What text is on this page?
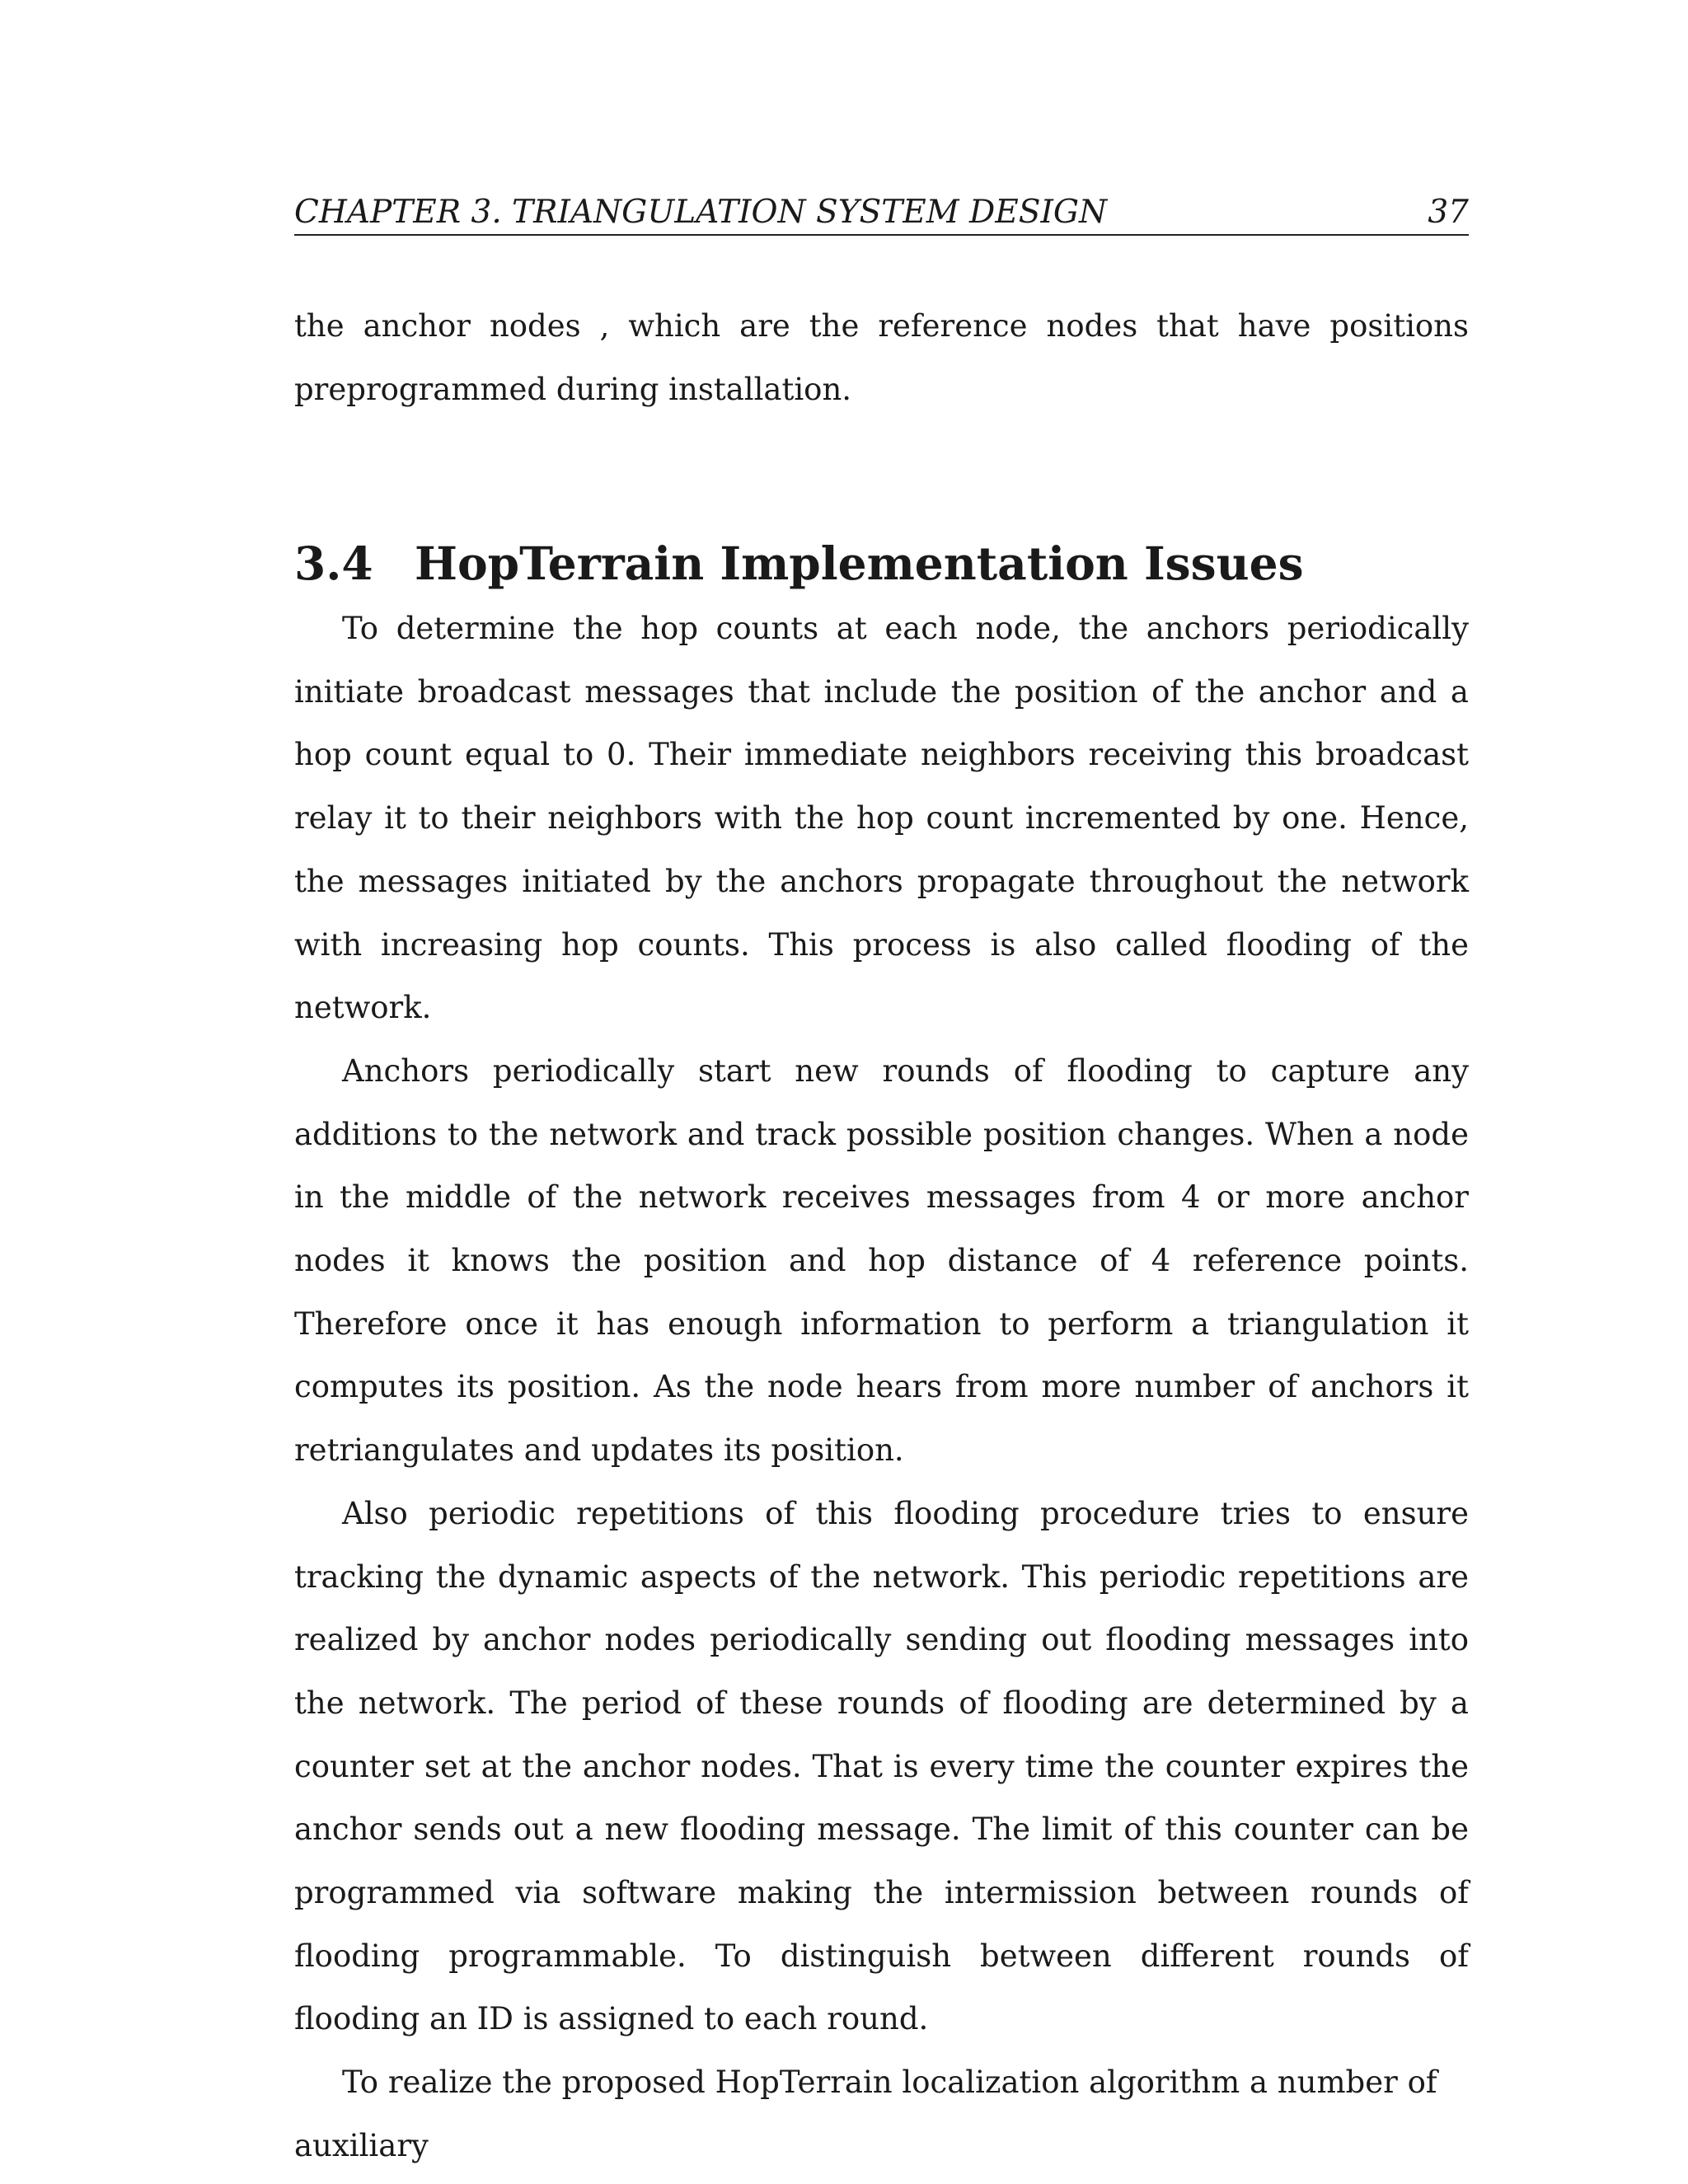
CHAPTER 3. TRIANGULATION SYSTEM DESIGN	37

the anchor nodes , which are the reference nodes that have positions preprogrammed during installation.

3.4 HopTerrain Implementation Issues

To determine the hop counts at each node, the anchors periodically initiate broadcast messages that include the position of the anchor and a hop count equal to 0. Their immediate neighbors receiving this broadcast relay it to their neighbors with the hop count incremented by one. Hence, the messages initiated by the anchors propagate throughout the network with increasing hop counts. This process is also called flooding of the network.

Anchors periodically start new rounds of flooding to capture any additions to the network and track possible position changes. When a node in the middle of the network receives messages from 4 or more anchor nodes it knows the position and hop distance of 4 reference points. Therefore once it has enough information to perform a triangulation it computes its position. As the node hears from more number of anchors it retriangulates and updates its position.

Also periodic repetitions of this flooding procedure tries to ensure tracking the dynamic aspects of the network. This periodic repetitions are realized by anchor nodes periodically sending out flooding messages into the network. The period of these rounds of flooding are determined by a counter set at the anchor nodes. That is every time the counter expires the anchor sends out a new flooding message. The limit of this counter can be programmed via software making the intermission between rounds of flooding programmable. To distinguish between different rounds of flooding an ID is assigned to each round.

To realize the proposed HopTerrain localization algorithm a number of auxiliary
